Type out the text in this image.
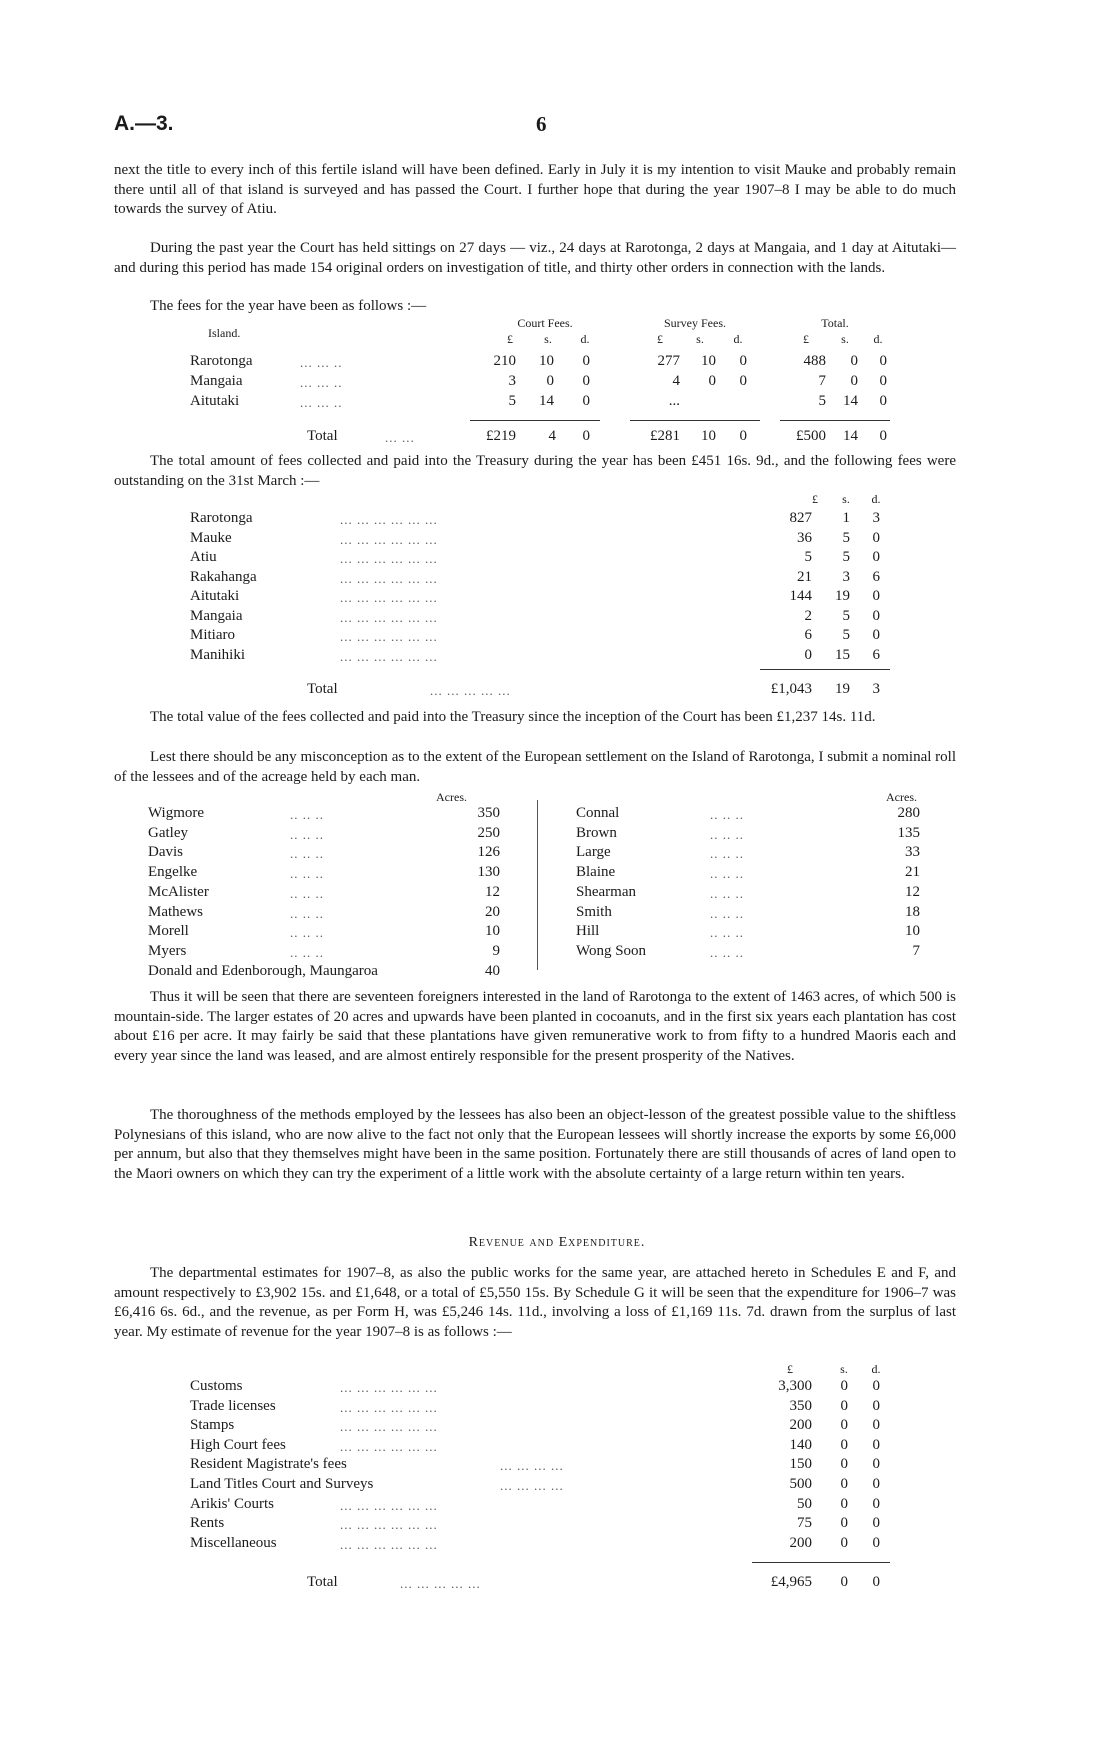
A.—3.	6

next the title to every inch of this fertile island will have been defined. Early in July it is my intention to visit Mauke and probably remain there until all of that island is surveyed and has passed the Court. I further hope that during the year 1907–8 I may be able to do much towards the survey of Atiu.

During the past year the Court has held sittings on 27 days — viz., 24 days at Rarotonga, 2 days at Mangaia, and 1 day at Aitutaki—and during this period has made 154 original orders on investigation of title, and thirty other orders in connection with the lands.

The fees for the year have been as follows :—
Island.
Court Fees.	Survey Fees.	Total.
£	s.	d.	£	s.	d.	£	s.	d.
Rarotonga	... ... ..	210	10	0	277	10	0	488	0	0
Mangaia	... ... ..	3	0	0	4	0	0	7	0	0
Aitutaki	... ... ..	5	14	0	...	5	14	0
Total	... ...	£219	4	0	£281	10	0	£500	14	0

The total amount of fees collected and paid into the Treasury during the year has been £451 16s. 9d., and the following fees were outstanding on the 31st March :—

£	s.	d.
Rarotonga	... ... ... ... ... ...	827	1	3
Mauke	... ... ... ... ... ...	36	5	0
Atiu	... ... ... ... ... ...	5	5	0
Rakahanga	... ... ... ... ... ...	21	3	6
Aitutaki	... ... ... ... ... ...	144	19	0
Mangaia	... ... ... ... ... ...	2	5	0
Mitiaro	... ... ... ... ... ...	6	5	0
Manihiki	... ... ... ... ... ...	0	15	6
Total	... ... ... ... ...	£1,043	19	3

The total value of the fees collected and paid into the Treasury since the inception of the Court has been £1,237 14s. 11d.

Lest there should be any misconception as to the extent of the European settlement on the Island of Rarotonga, I submit a nominal roll of the lessees and of the acreage held by each man.

Acres.	Acres.
Wigmore	.. .. ..	350
Gatley	.. .. ..	250
Davis	.. .. ..	126
Engelke	.. .. ..	130
McAlister	.. .. ..	12
Mathews	.. .. ..	20
Morell	.. .. ..	10
Myers	.. .. ..	9
Donald and Edenborough, Maungaroa	40
Connal	.. .. ..	280
Brown	.. .. ..	135
Large	.. .. ..	33
Blaine	.. .. ..	21
Shearman	.. .. ..	12
Smith	.. .. ..	18
Hill	.. .. ..	10
Wong Soon	.. .. ..	7

Thus it will be seen that there are seventeen foreigners interested in the land of Rarotonga to the extent of 1463 acres, of which 500 is mountain-side. The larger estates of 20 acres and upwards have been planted in cocoanuts, and in the first six years each plantation has cost about £16 per acre. It may fairly be said that these plantations have given remunerative work to from fifty to a hundred Maoris each and every year since the land was leased, and are almost entirely responsible for the present prosperity of the Natives.

The thoroughness of the methods employed by the lessees has also been an object-lesson of the greatest possible value to the shiftless Polynesians of this island, who are now alive to the fact not only that the European lessees will shortly increase the exports by some £6,000 per annum, but also that they themselves might have been in the same position. Fortunately there are still thousands of acres of land open to the Maori owners on which they can try the experiment of a little work with the absolute certainty of a large return within ten years.

Revenue and Expenditure.

The departmental estimates for 1907–8, as also the public works for the same year, are attached hereto in Schedules E and F, and amount respectively to £3,902 15s. and £1,648, or a total of £5,550 15s. By Schedule G it will be seen that the expenditure for 1906–7 was £6,416 6s. 6d., and the revenue, as per Form H, was £5,246 14s. 11d., involving a loss of £1,169 11s. 7d. drawn from the surplus of last year. My estimate of revenue for the year 1907–8 is as follows :—

£	s.	d.
Customs	... ... ... ... ... ...	3,300	0	0
Trade licenses	... ... ... ... ... ...	350	0	0
Stamps	... ... ... ... ... ...	200	0	0
High Court fees	... ... ... ... ... ...	140	0	0
Resident Magistrate's fees	... ... ... ...	150	0	0
Land Titles Court and Surveys	... ... ... ...	500	0	0
Arikis' Courts	... ... ... ... ... ...	50	0	0
Rents	... ... ... ... ... ...	75	0	0
Miscellaneous	... ... ... ... ... ...	200	0	0
Total	... ... ... ... ...	£4,965	0	0
